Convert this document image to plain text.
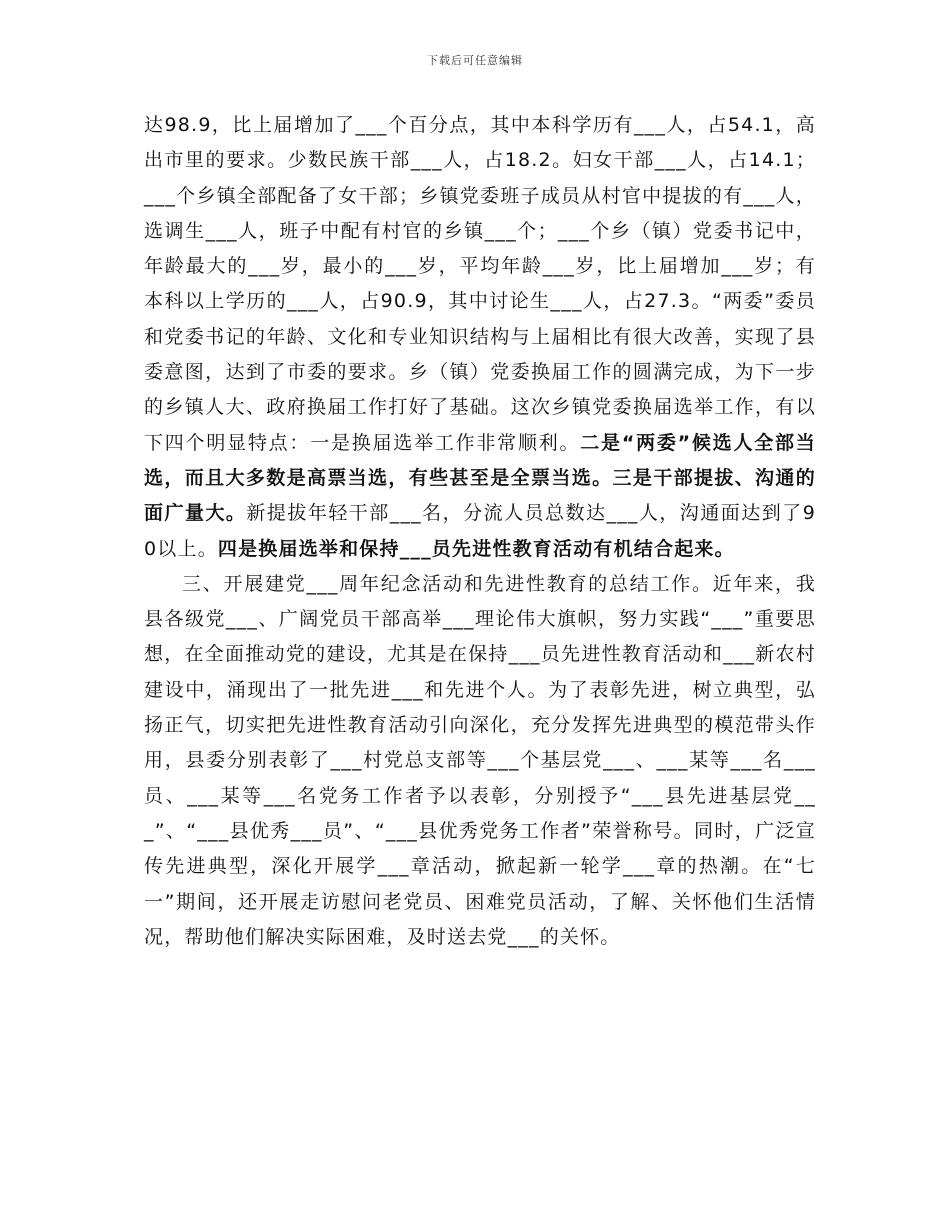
下载后可任意编辑

达98.9，比上届增加了___个百分点，其中本科学历有___人，占54.1，高出市里的要求。少数民族干部___人，占18.2。妇女干部___人，占14.1；___个乡镇全部配备了女干部；乡镇党委班子成员从村官中提拔的有___人，选调生___人，班子中配有村官的乡镇___个；___个乡（镇）党委书记中，年龄最大的___岁，最小的___岁，平均年龄___岁，比上届增加___岁；有本科以上学历的___人，占90.9，其中讨论生___人，占27.3。“两委”委员和党委书记的年龄、文化和专业知识结构与上届相比有很大改善，实现了县委意图，达到了市委的要求。乡（镇）党委换届工作的圆满完成，为下一步的乡镇人大、政府换届工作打好了基础。这次乡镇党委换届选举工作，有以下四个明显特点：一是换届选举工作非常顺利。二是“两委”候选人全部当选，而且大多数是高票当选，有些甚至是全票当选。三是干部提拔、沟通的面广量大。新提拔年轻干部___名，分流人员总数达___人，沟通面达到了90以上。四是换届选举和保持___员先进性教育活动有机结合起来。

三、开展建党___周年纪念活动和先进性教育的总结工作。近年来，我县各级党___、广阔党员干部高举___理论伟大旗帜，努力实践“___”重要思想，在全面推动党的建设，尤其是在保持___员先进性教育活动和___新农村建设中，涌现出了一批先进___和先进个人。为了表彰先进，树立典型，弘扬正气，切实把先进性教育活动引向深化，充分发挥先进典型的模范带头作用，县委分别表彰了___村党总支部等___个基层党___、___某等___名___员、___某等___名党务工作者予以表彰，分别授予“___县先进基层党___”、“___县优秀___员”、“___县优秀党务工作者”荣誉称号。同时，广泛宣传先进典型，深化开展学___章活动，掀起新一轮学___章的热潮。在“七一”期间，还开展走访慰问老党员、困难党员活动，了解、关怀他们生活情况，帮助他们解决实际困难，及时送去党___的关怀。
